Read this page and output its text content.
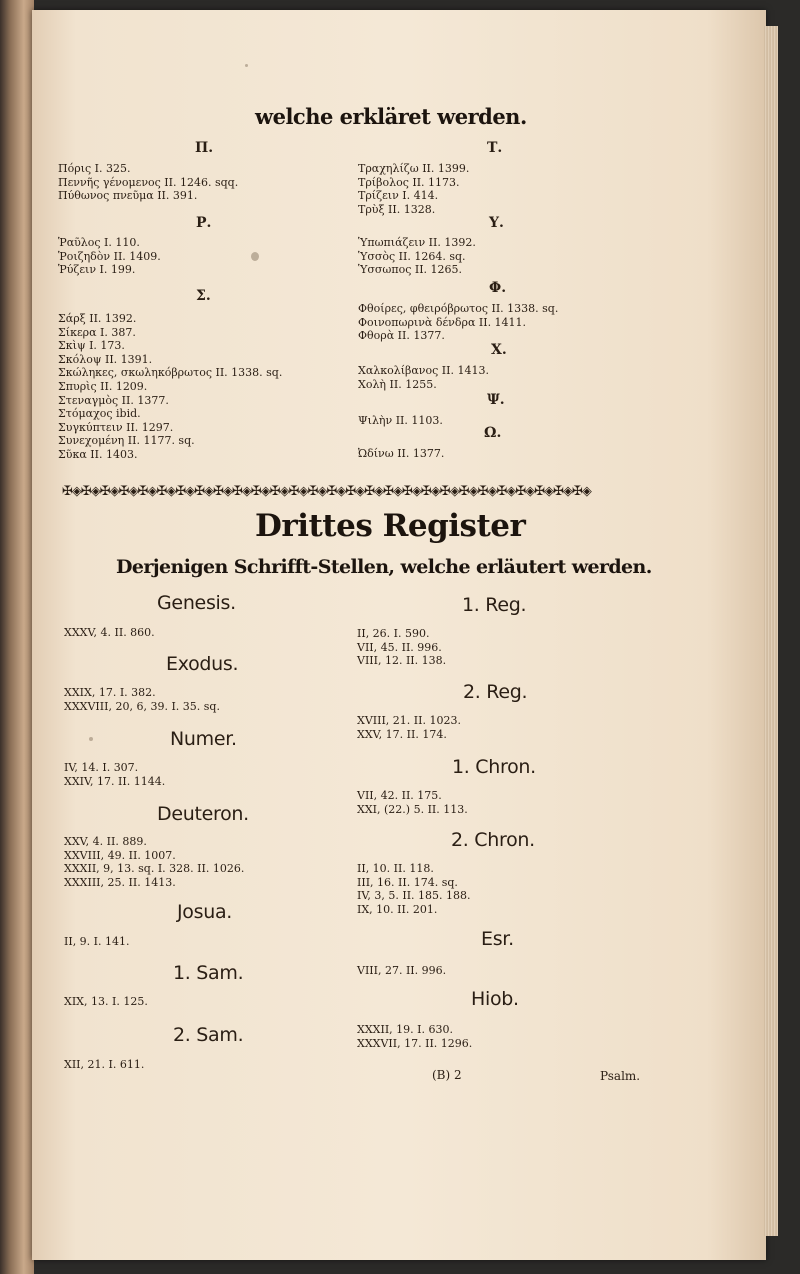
welche erkläret werden.
Π.

Πόρις I. 325.

Πεννῆς γένομενος II. 1246. sqq.

Πύθωνος πνεῦμα II. 391.

Ρ.

Ῥαῦλος I. 110.

Ῥοιζηδὸν II. 1409.

Ῥύζειν I. 199.

Σ.

Σάρξ II. 1392.

Σίκερα I. 387.

Σκὶψ I. 173.

Σκόλοψ II. 1391.

Σκώληκες, σκωληκόβρωτος II. 1338. sq.

Σπυρὶς II. 1209.

Στεναγμὸς II. 1377.

Στόμαχος ibid.

Συγκύπτειν II. 1297.

Συνεχομένη II. 1177. sq.

Σῦκα II. 1403.

Τ.

Τραχηλίζω II. 1399.

Τρίβολος II. 1173.

Τρίζειν I. 414.

Τρὺξ II. 1328.

Υ.

Ὑπωπιάζειν II. 1392.

Ὑσσὸς II. 1264. sq.

Ὑσσωπος II. 1265.

Φ.

Φθοίρες, φθειρόβρωτος II. 1338. sq.

Φοινοπωρινὰ δένδρα II. 1411.

Φθορὰ II. 1377.

Χ.

Χαλκολίβανος II. 1413.

Χολὴ II. 1255.

Ψ.

Ψιλὴν II. 1103.

Ω.

Ὠδίνω II. 1377.

✠◈✠◈✠◈✠◈✠◈✠◈✠◈✠◈✠◈✠◈✠◈✠◈✠◈✠◈✠◈✠◈✠◈✠◈✠◈✠◈✠◈✠◈✠◈✠◈✠◈✠◈✠◈✠◈
Drittes Register
Derjenigen Schrifft-Stellen, welche erläutert werden.
Genesis.

XXXV, 4. II. 860.

Exodus.

XXIX, 17. I. 382.

XXXVIII, 20, 6, 39. I. 35. sq.

Numer.

IV, 14. I. 307.

XXIV, 17. II. 1144.

Deuteron.

XXV, 4. II. 889.

XXVIII, 49. II. 1007.

XXXII, 9, 13. sq. I. 328. II. 1026.

XXXIII, 25. II. 1413.

Josua.

II, 9. I. 141.

1. Sam.

XIX, 13. I. 125.

2. Sam.

XII, 21. I. 611.

1. Reg.

II, 26. I. 590.

VII, 45. II. 996.

VIII, 12. II. 138.

2. Reg.

XVIII, 21. II. 1023.

XXV, 17. II. 174.

1. Chron.

VII, 42. II. 175.

XXI, (22.) 5. II. 113.

2. Chron.

II, 10. II. 118.

III, 16. II. 174. sq.

IV, 3, 5. II. 185. 188.

IX, 10. II. 201.

Esr.

VIII, 27. II. 996.

Hiob.

XXXII, 19. I. 630.

XXXVII, 17. II. 1296.

(B) 2	Psalm.
